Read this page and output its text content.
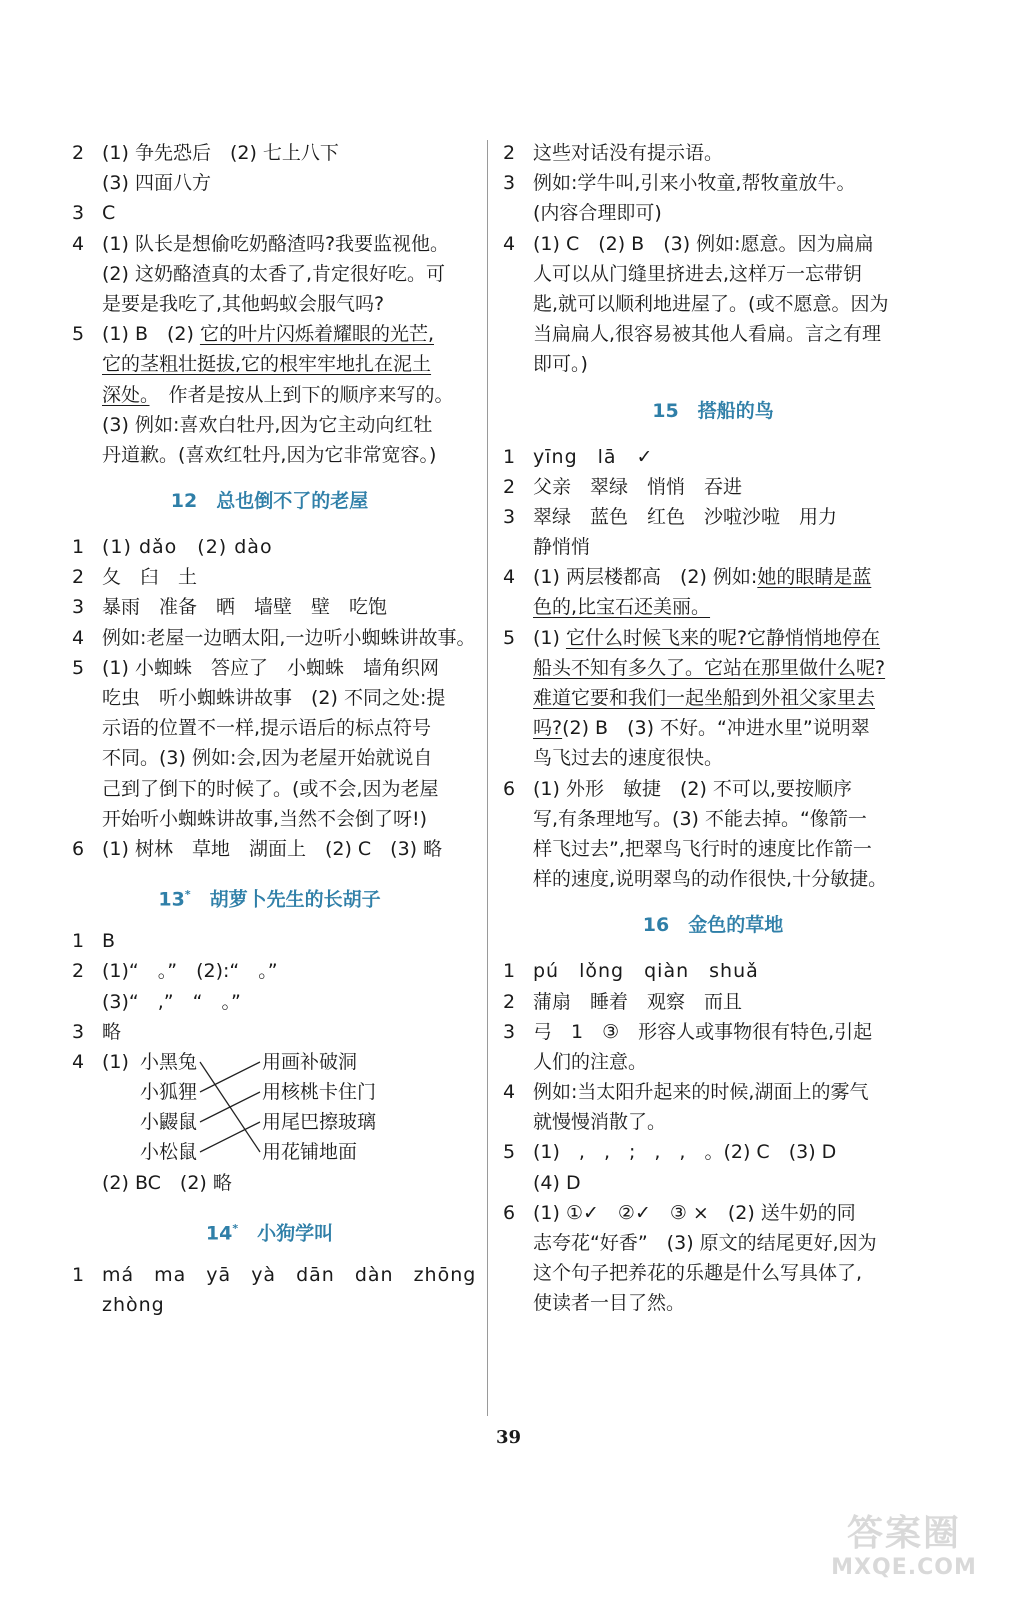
2 (1) 争先恐后　(2) 七上八下
(3) 四面八方
3 C
4 (1) 队长是想偷吃奶酪渣吗?我要监视他。
(2) 这奶酪渣真的太香了,肯定很好吃。可
是要是我吃了,其他蚂蚁会服气吗?
5 (1) B　(2) 它的叶片闪烁着耀眼的光芒,
它的茎粗壮挺拔,它的根牢牢地扎在泥土
深处。　作者是按从上到下的顺序来写的。
(3) 例如:喜欢白牡丹,因为它主动向红牡
丹道歉。(喜欢红牡丹,因为它非常宽容。)
12　总也倒不了的老屋
1 (1) dǎo　(2) dào
2 夂　臼　土
3 暴雨　准备　晒　墙壁　壁　吃饱
4 例如:老屋一边晒太阳,一边听小蜘蛛讲故事。
5 (1) 小蜘蛛　答应了　小蜘蛛　墙角织网
吃虫　听小蜘蛛讲故事　(2) 不同之处:提
示语的位置不一样,提示语后的标点符号
不同。(3) 例如:会,因为老屋开始就说自
己到了倒下的时候了。(或不会,因为老屋
开始听小蜘蛛讲故事,当然不会倒了呀!)
6 (1) 树林　草地　湖面上　(2) C　(3) 略
13*　胡萝卜先生的长胡子
1 B
2 (1)“　。”　(2):“　。”
(3)“　,”　“　。”
3 略
4 (1) 小黑兔
小狐狸
小鼹鼠
小松鼠
用画补破洞
用核桃卡住门
用尾巴擦玻璃
用花铺地面
(2) BC　(2) 略
14*　小狗学叫
1 má　ma　yā　yà　dān　dàn　zhōng
zhòng
2 这些对话没有提示语。
3 例如:学牛叫,引来小牧童,帮牧童放牛。
(内容合理即可)
4 (1) C　(2) B　(3) 例如:愿意。因为扁扁
人可以从门缝里挤进去,这样万一忘带钥
匙,就可以顺利地进屋了。(或不愿意。因为
当扁扁人,很容易被其他人看扁。言之有理
即可。)
15　搭船的鸟
1 yīng　lā　✓
2 父亲　翠绿　悄悄　吞进
3 翠绿　蓝色　红色　沙啦沙啦　用力
静悄悄
4 (1) 两层楼都高　(2) 例如:她的眼睛是蓝
色的,比宝石还美丽。
5 (1) 它什么时候飞来的呢?它静悄悄地停在
船头不知有多久了。它站在那里做什么呢?
难道它要和我们一起坐船到外祖父家里去
吗?(2) B　(3) 不好。“冲进水里”说明翠
鸟飞过去的速度很快。
6 (1) 外形　敏捷　(2) 不可以,要按顺序
写,有条理地写。(3) 不能去掉。“像箭一
样飞过去”,把翠鸟飞行时的速度比作箭一
样的速度,说明翠鸟的动作很快,十分敏捷。
16　金色的草地
1 pú　lǒng　qiàn　shuǎ
2 蒲扇　睡着　观察　而且
3 弓　1　③　形容人或事物很有特色,引起
人们的注意。
4 例如:当太阳升起来的时候,湖面上的雾气
就慢慢消散了。
5 (1)　,　,　;　,　,　。(2) C　(3) D
(4) D
6 (1) ①✓　②✓　③ ×　(2) 送牛奶的同
志夸花“好香”　(3) 原文的结尾更好,因为
这个句子把养花的乐趣是什么写具体了,
使读者一目了然。
39
答案圈
MXQE.COM
